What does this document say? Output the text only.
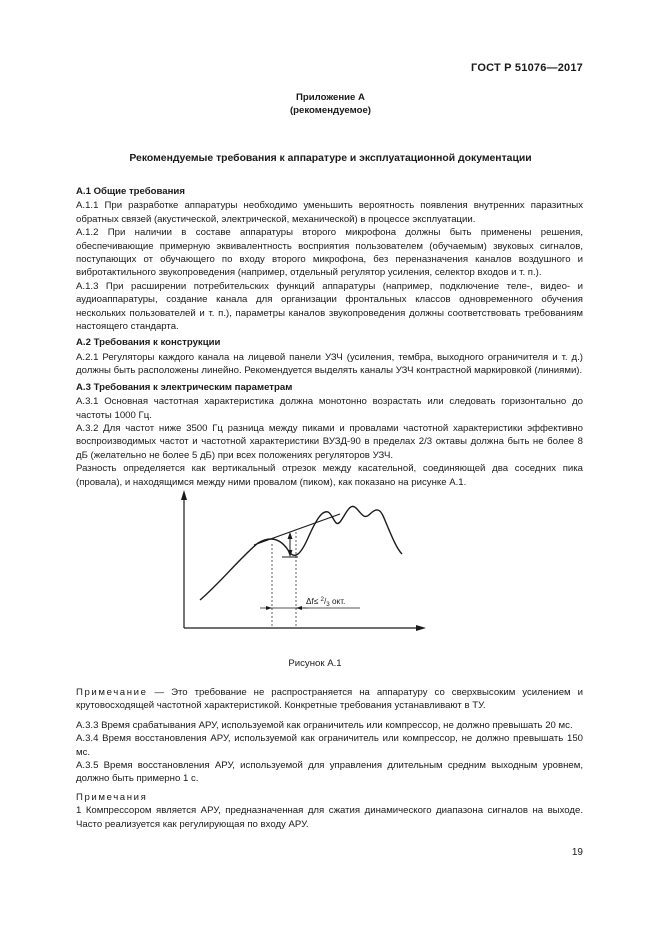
ГОСТ Р 51076—2017
Приложение А
(рекомендуемое)
Рекомендуемые требования к аппаратуре и эксплуатационной документации

А.1 Общие требования

А.1.1 При разработке аппаратуры необходимо уменьшить вероятность появления внутренних паразитных обратных связей (акустической, электрической, механической) в процессе эксплуатации.

А.1.2 При наличии в составе аппаратуры второго микрофона должны быть применены решения, обеспечивающие примерную эквивалентность восприятия пользователем (обучаемым) звуковых сигналов, поступающих от обучающего по входу второго микрофона, без переназначения каналов воздушного и вибротактильного звукопроведения (например, отдельный регулятор усиления, селектор входов и т. п.).

А.1.3 При расширении потребительских функций аппаратуры (например, подключение теле-, видео- и аудиоаппаратуры, создание канала для организации фронтальных классов одновременного обучения нескольких пользователей и т. п.), параметры каналов звукопроведения должны соответствовать требованиям настоящего стандарта.

А.2 Требования к конструкции

А.2.1 Регуляторы каждого канала на лицевой панели УЗЧ (усиления, тембра, выходного ограничителя и т. д.) должны быть расположены линейно. Рекомендуется выделять каналы УЗЧ контрастной маркировкой (линиями).

А.3 Требования к электрическим параметрам

А.3.1 Основная частотная характеристика должна монотонно возрастать или следовать горизонтально до частоты 1000 Гц.

А.3.2 Для частот ниже 3500 Гц разница между пиками и провалами частотной характеристики эффективно воспроизводимых частот и частотной характеристики ВУЗД-90 в пределах 2/3 октавы должна быть не более 8 дБ (желательно не более 5 дБ) при всех положениях регуляторов УЗЧ.

Разность определяется как вертикальный отрезок между касательной, соединяющей два соседних пика (провала), и находящимся между ними провалом (пиком), как показано на рисунке А.1.

$\Delta f\le ^2/_3$ окт.
Рисунок А.1

Примечание — Это требование не распространяется на аппаратуру со сверхвысоким усилением и крутовосходящей частотной характеристикой. Конкретные требования устанавливают в ТУ.

А.3.3 Время срабатывания АРУ, используемой как ограничитель или компрессор, не должно превышать 20 мс.

А.3.4 Время восстановления АРУ, используемой как ограничитель или компрессор, не должно превышать 150 мс.

А.3.5 Время восстановления АРУ, используемой для управления длительным средним выходным уровнем, должно быть примерно 1 с.

Примечания

1 Компрессором является АРУ, предназначенная для сжатия динамического диапазона сигналов на выходе. Часто реализуется как регулирующая по входу АРУ.

19
